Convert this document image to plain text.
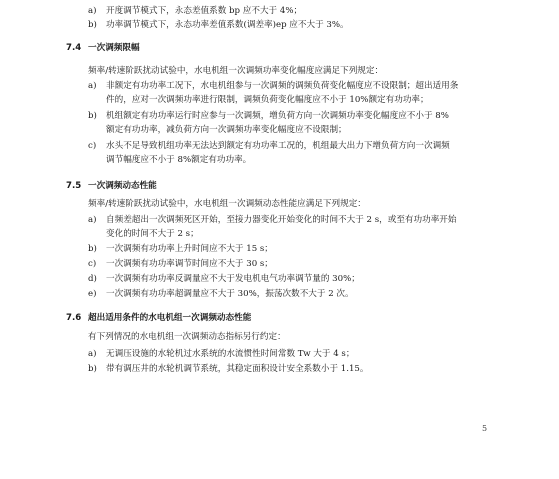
a) 开度调节模式下，永态差值系数 bp 应不大于 4%；
b) 功率调节模式下，永态功率差值系数(调差率)ep 应不大于 3%。
7.4 一次调频限幅
频率/转速阶跃扰动试验中，水电机组一次调频功率变化幅度应满足下列规定：
a) 非额定有功功率工况下，水电机组参与一次调频的调频负荷变化幅度应不设限制；超出适用条
件的，应对一次调频功率进行限制，调频负荷变化幅度应不小于 10%额定有功功率；
b) 机组额定有功功率运行时应参与一次调频，增负荷方向一次调频功率变化幅度应不小于 8%
额定有功功率，减负荷方向一次调频功率变化幅度应不设限制；
c) 水头不足导致机组功率无法达到额定有功功率工况的，机组最大出力下增负荷方向一次调频
调节幅度应不小于 8%额定有功功率。
7.5 一次调频动态性能
频率/转速阶跃扰动试验中，水电机组一次调频动态性能应满足下列规定：
a) 自频差超出一次调频死区开始，至接力器变化开始变化的时间不大于 2 s，或至有功功率开始
变化的时间不大于 2 s；
b) 一次调频有功功率上升时间应不大于 15 s；
c) 一次调频有功功率调节时间应不大于 30 s；
d) 一次调频有功功率反调量应不大于发电机电气功率调节量的 30%；
e) 一次调频有功功率超调量应不大于 30%，振荡次数不大于 2 次。
7.6 超出适用条件的水电机组一次调频动态性能
有下列情况的水电机组一次调频动态指标另行约定：
a) 无调压设施的水轮机过水系统的水流惯性时间常数 Tw 大于 4 s；
b) 带有调压井的水轮机调节系统，其稳定面积设计安全系数小于 1.15。
5
